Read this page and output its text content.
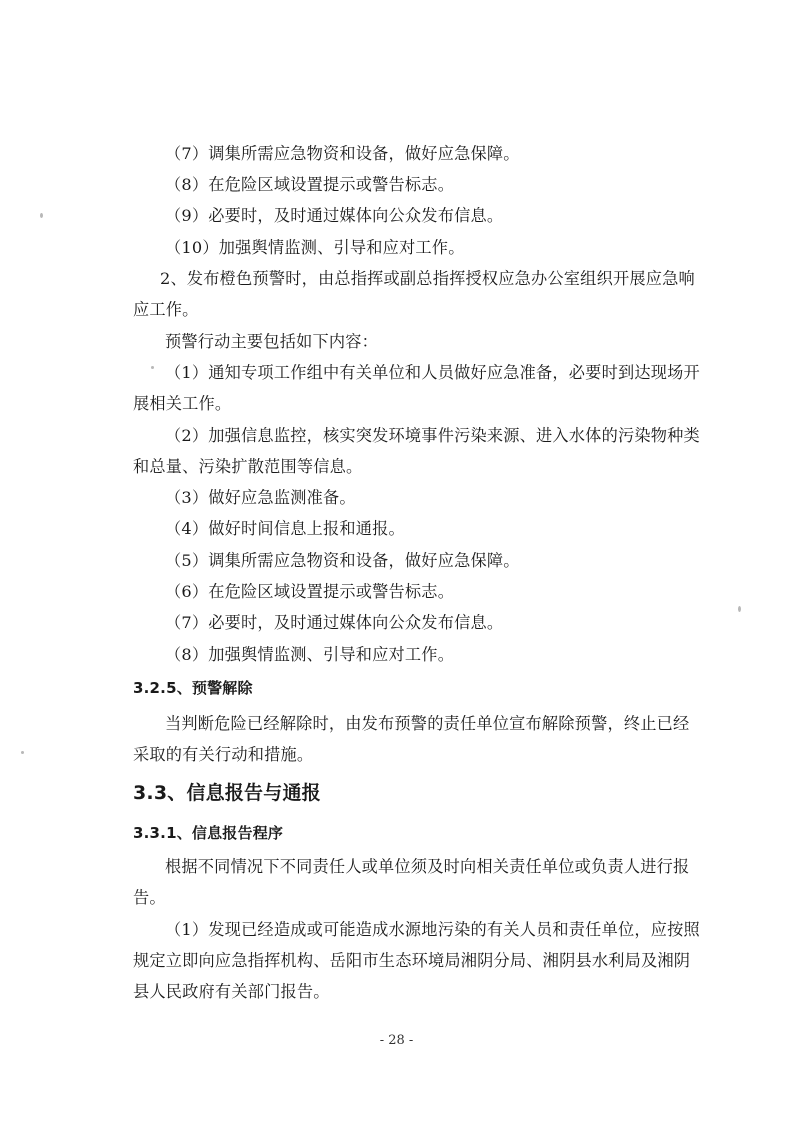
（7）调集所需应急物资和设备，做好应急保障。
（8）在危险区域设置提示或警告标志。
（9）必要时，及时通过媒体向公众发布信息。
（10）加强舆情监测、引导和应对工作。
2、发布橙色预警时，由总指挥或副总指挥授权应急办公室组织开展应急响
应工作。
预警行动主要包括如下内容：
（1）通知专项工作组中有关单位和人员做好应急准备，必要时到达现场开
展相关工作。
（2）加强信息监控，核实突发环境事件污染来源、进入水体的污染物种类
和总量、污染扩散范围等信息。
（3）做好应急监测准备。
（4）做好时间信息上报和通报。
（5）调集所需应急物资和设备，做好应急保障。
（6）在危险区域设置提示或警告标志。
（7）必要时，及时通过媒体向公众发布信息。
（8）加强舆情监测、引导和应对工作。
3.2.5、预警解除
当判断危险已经解除时，由发布预警的责任单位宣布解除预警，终止已经
采取的有关行动和措施。
3.3、信息报告与通报
3.3.1、信息报告程序
根据不同情况下不同责任人或单位须及时向相关责任单位或负责人进行报
告。
（1）发现已经造成或可能造成水源地污染的有关人员和责任单位，应按照
规定立即向应急指挥机构、岳阳市生态环境局湘阴分局、湘阴县水利局及湘阴
县人民政府有关部门报告。
- 28 -
